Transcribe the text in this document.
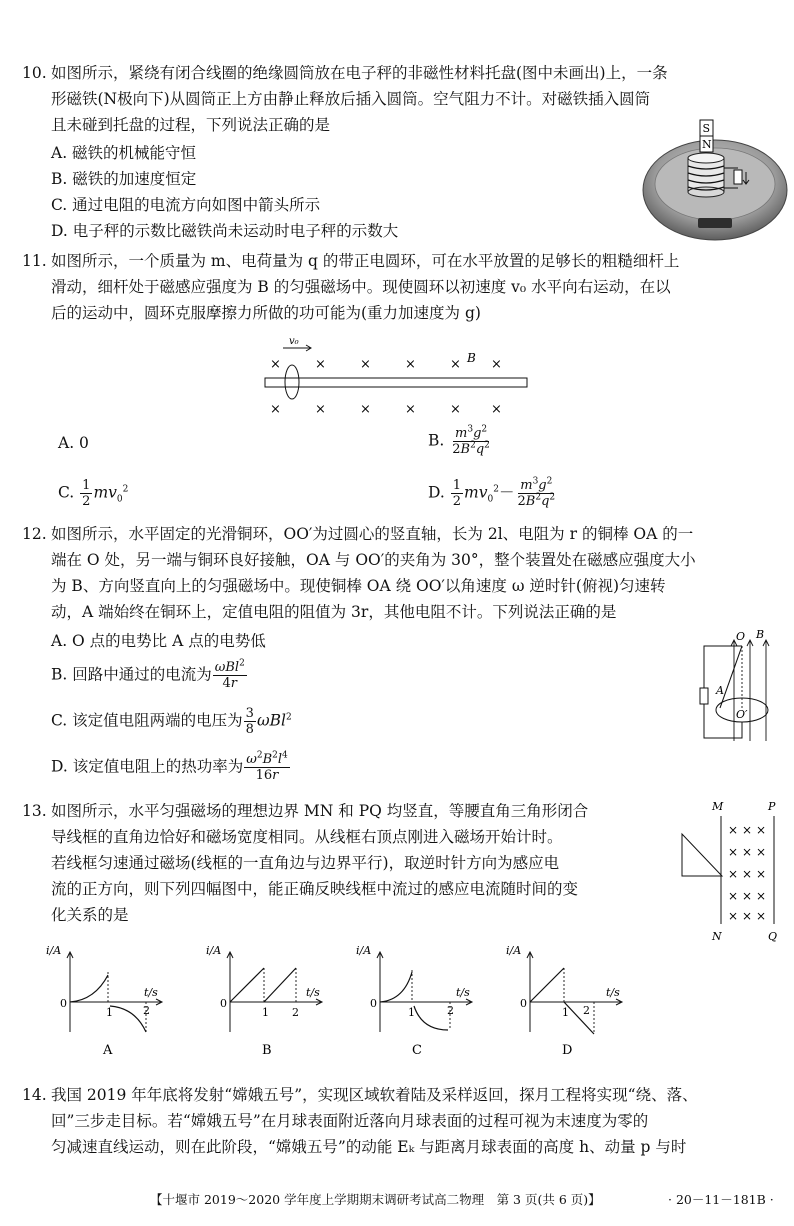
10. 如图所示，紧绕有闭合线圈的绝缘圆筒放在电子秤的非磁性材料托盘(图中未画出)上，一条
形磁铁(N极向下)从圆筒正上方由静止释放后插入圆筒。空气阻力不计。对磁铁插入圆筒
且未碰到托盘的过程，下列说法正确的是
A. 磁铁的机械能守恒
B. 磁铁的加速度恒定
C. 通过电阻的电流方向如图中箭头所示
D. 电子秤的示数比磁铁尚未运动时电子秤的示数大
S
N
11. 如图所示，一个质量为 m、电荷量为 q 的带正电圆环，可在水平放置的足够长的粗糙细杆上
滑动，细杆处于磁感应强度为 B 的匀强磁场中。现使圆环以初速度 v₀ 水平向右运动，在以
后的运动中，圆环克服摩擦力所做的功可能为(重力加速度为 g)
v₀
B
×	×	×	×	× ×
×	×	×	×	× ×
A. 0	B. $\frac{m^3g^2}{2B^2q^2}$
C. $\frac{1}{2} mv_0^2$	D. $\frac{1}{2} mv_0^2- \frac{m^3g^2}{2B^2q^2}$
12. 如图所示，水平固定的光滑铜环，OO′为过圆心的竖直轴，长为 2l、电阻为 r 的铜棒 OA 的一
端在 O 处，另一端与铜环良好接触，OA 与 OO′的夹角为 30°，整个装置处在磁感应强度大小
为 B、方向竖直向上的匀强磁场中。现使铜棒 OA 绕 OO′以角速度 ω 逆时针(俯视)匀速转
动，A 端始终在铜环上，定值电阻的阻值为 3r，其他电阻不计。下列说法正确的是
A. O 点的电势比 A 点的电势低
B. 回路中通过的电流为 $\frac{\omega Bl^2}{4r}$
C. 该定值电阻两端的电压为 $\frac{3}{8} \omega Bl^2$
D. 该定值电阻上的热功率为 $\frac{\omega^2B^2l^4}{16r}$
O B
A
O′
13. 如图所示，水平匀强磁场的理想边界 MN 和 PQ 均竖直，等腰直角三角形闭合
导线框的直角边恰好和磁场宽度相同。从线框右顶点刚进入磁场开始计时。
若线框匀速通过磁场(线框的一直角边与边界平行)，取逆时针方向为感应电
流的正方向，则下列四幅图中，能正确反映线框中流过的感应电流随时间的变
化关系的是
M	P
N	Q
× × ×
× × ×
× × ×
× × ×
× × ×
i/A
t/s
0
1	2
A
i/A
t/s
0
1 2
B
i/A
t/s
0
1	2
C
i/A
t/s
0
1 2
D
14. 我国 2019 年年底将发射“嫦娥五号”，实现区域软着陆及采样返回，探月工程将实现“绕、落、
回”三步走目标。若“嫦娥五号”在月球表面附近落向月球表面的过程可视为末速度为零的
匀减速直线运动，则在此阶段，“嫦娥五号”的动能 Eₖ 与距离月球表面的高度 h、动量 p 与时
【十堰市 2019～2020 学年度上学期期末调研考试高二物理　第 3 页(共 6 页)】	· 20－11－181B ·
